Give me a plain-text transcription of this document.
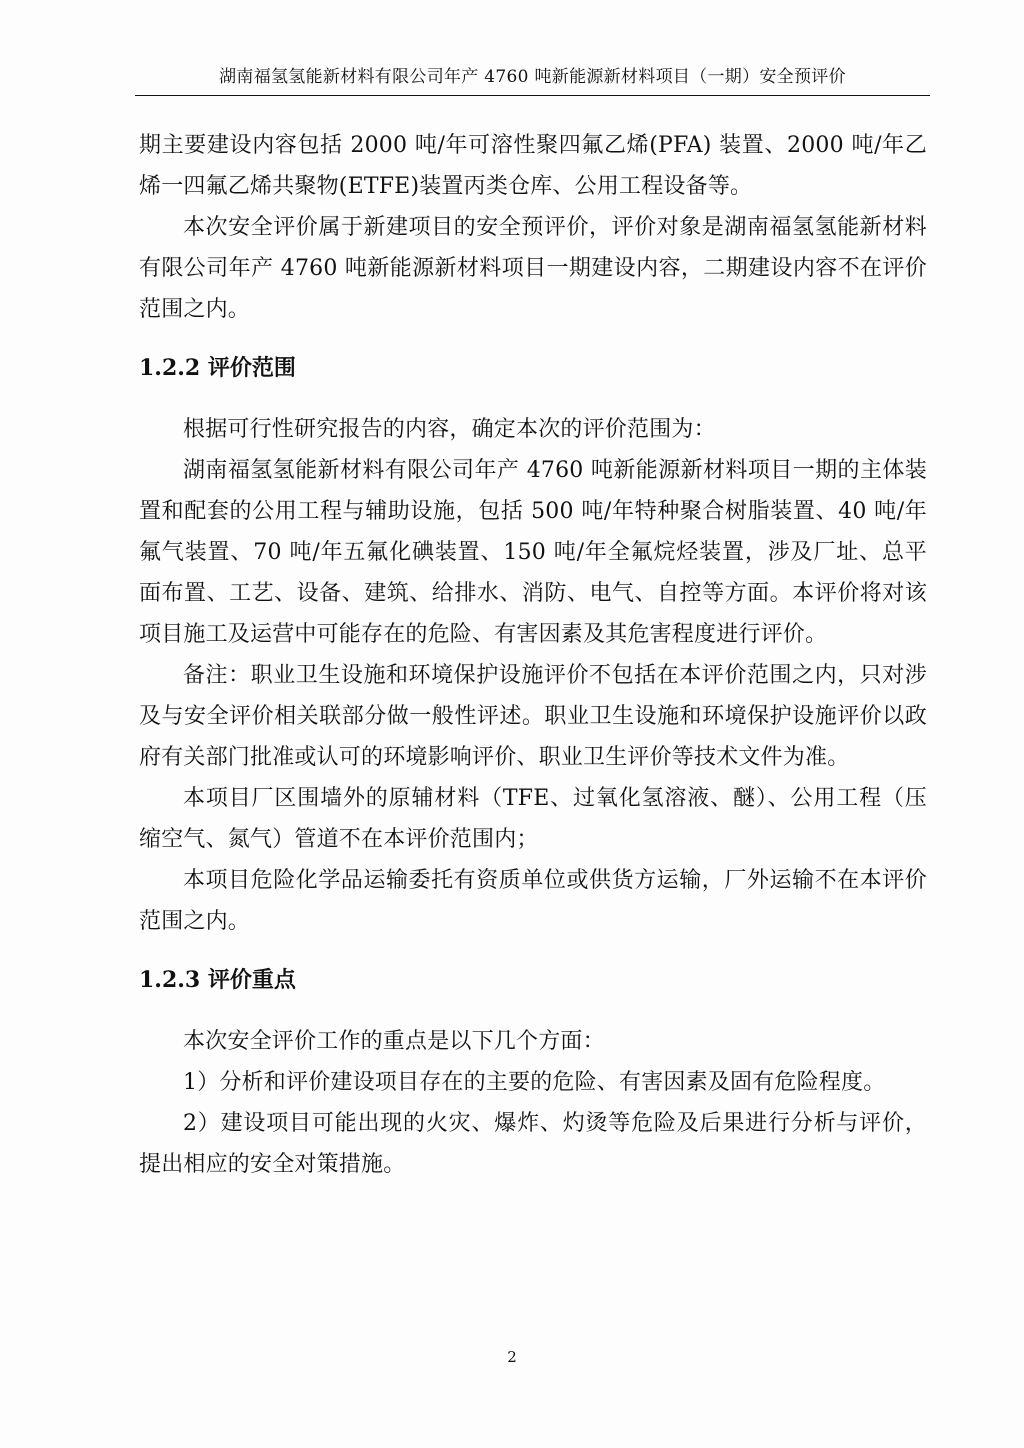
湖南福氢氢能新材料有限公司年产 4760 吨新能源新材料项目（一期）安全预评价

期主要建设内容包括 2000 吨/年可溶性聚四氟乙烯(PFA) 装置、2000 吨/年乙烯一四氟乙烯共聚物(ETFE)装置丙类仓库、公用工程设备等。

本次安全评价属于新建项目的安全预评价，评价对象是湖南福氢氢能新材料有限公司年产 4760 吨新能源新材料项目一期建设内容，二期建设内容不在评价范围之内。

1.2.2 评价范围

根据可行性研究报告的内容，确定本次的评价范围为：

湖南福氢氢能新材料有限公司年产 4760 吨新能源新材料项目一期的主体装置和配套的公用工程与辅助设施，包括 500 吨/年特种聚合树脂装置、40 吨/年氟气装置、70 吨/年五氟化碘装置、150 吨/年全氟烷烃装置，涉及厂址、总平面布置、工艺、设备、建筑、给排水、消防、电气、自控等方面。本评价将对该项目施工及运营中可能存在的危险、有害因素及其危害程度进行评价。

备注：职业卫生设施和环境保护设施评价不包括在本评价范围之内，只对涉及与安全评价相关联部分做一般性评述。职业卫生设施和环境保护设施评价以政府有关部门批准或认可的环境影响评价、职业卫生评价等技术文件为准。

本项目厂区围墙外的原辅材料（TFE、过氧化氢溶液、醚）、公用工程（压缩空气、氮气）管道不在本评价范围内；

本项目危险化学品运输委托有资质单位或供货方运输，厂外运输不在本评价范围之内。

1.2.3 评价重点

本次安全评价工作的重点是以下几个方面：

1）分析和评价建设项目存在的主要的危险、有害因素及固有危险程度。

2）建设项目可能出现的火灾、爆炸、灼烫等危险及后果进行分析与评价，提出相应的安全对策措施。

2
